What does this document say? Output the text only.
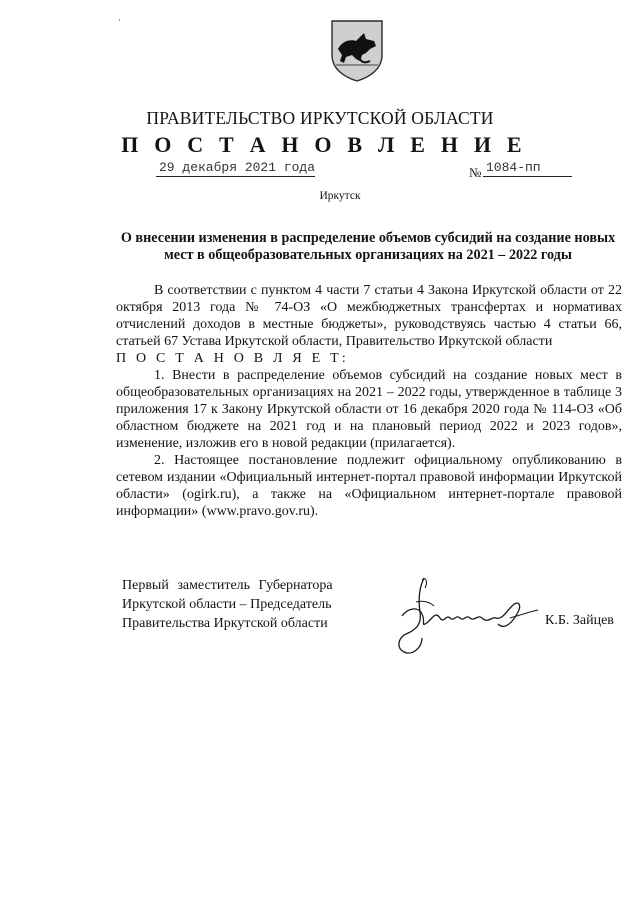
ПРАВИТЕЛЬСТВО ИРКУТСКОЙ ОБЛАСТИ
П О С Т А Н О В Л Е Н И Е
29 декабря 2021 года	№ 1084-пп
Иркутск
О внесении изменения в распределение объемов субсидий на создание новых мест в общеобразовательных организациях на 2021 – 2022 годы

В соответствии с пунктом 4 части 7 статьи 4 Закона Иркутской области от 22 октября 2013 года № 74-ОЗ «О межбюджетных трансфертах и нормативах отчислений доходов в местные бюджеты», руководствуясь частью 4 статьи 66, статьей 67 Устава Иркутской области, Правительство Иркутской области

П О С Т А Н О В Л Я Е Т:

1. Внести в распределение объемов субсидий на создание новых мест в общеобразовательных организациях на 2021 – 2022 годы, утвержденное в таблице 3 приложения 17 к Закону Иркутской области от 16 декабря 2020 года № 114-ОЗ «Об областном бюджете на 2021 год и на плановый период 2022 и 2023 годов», изменение, изложив его в новой редакции (прилагается).

2. Настоящее постановление подлежит официальному опубликованию в сетевом издании «Официальный интернет-портал правовой информации Иркутской области» (ogirk.ru), а также на «Официальном интернет-портале правовой информации» (www.pravo.gov.ru).

Первый заместитель Губернатора
Иркутской области – Председатель
Правительства Иркутской области	К.Б. Зайцев
